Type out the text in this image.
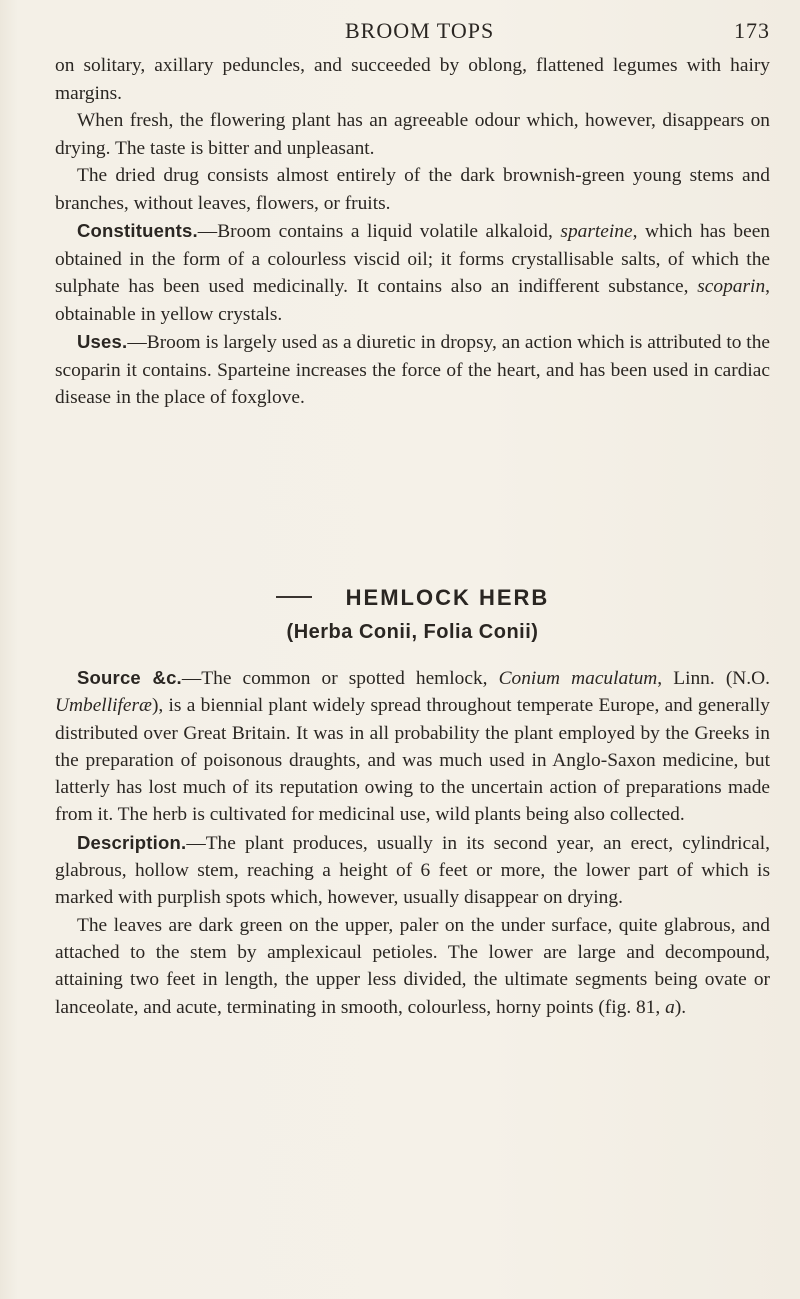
BROOM TOPS	173

on solitary, axillary peduncles, and succeeded by oblong, flattened legumes with hairy margins.

When fresh, the flowering plant has an agreeable odour which, however, disappears on drying. The taste is bitter and unpleasant.

The dried drug consists almost entirely of the dark brownish-green young stems and branches, without leaves, flowers, or fruits.

Constituents.—Broom contains a liquid volatile alkaloid, sparteine, which has been obtained in the form of a colourless viscid oil; it forms crystallisable salts, of which the sulphate has been used medicinally. It contains also an indifferent substance, scoparin, obtainable in yellow crystals.

Uses.—Broom is largely used as a diuretic in dropsy, an action which is attributed to the scoparin it contains. Sparteine increases the force of the heart, and has been used in cardiac disease in the place of foxglove.

HEMLOCK HERB
(Herba Conii, Folia Conii)

Source &c.—The common or spotted hemlock, Conium maculatum, Linn. (N.O. Umbelliferæ), is a biennial plant widely spread throughout temperate Europe, and generally distributed over Great Britain. It was in all probability the plant employed by the Greeks in the preparation of poisonous draughts, and was much used in Anglo-Saxon medicine, but latterly has lost much of its reputation owing to the uncertain action of preparations made from it. The herb is cultivated for medicinal use, wild plants being also collected.

Description.—The plant produces, usually in its second year, an erect, cylindrical, glabrous, hollow stem, reaching a height of 6 feet or more, the lower part of which is marked with purplish spots which, however, usually disappear on drying.

The leaves are dark green on the upper, paler on the under surface, quite glabrous, and attached to the stem by amplexicaul petioles. The lower are large and decompound, attaining two feet in length, the upper less divided, the ultimate segments being ovate or lanceolate, and acute, terminating in smooth, colourless, horny points (fig. 81, a).
